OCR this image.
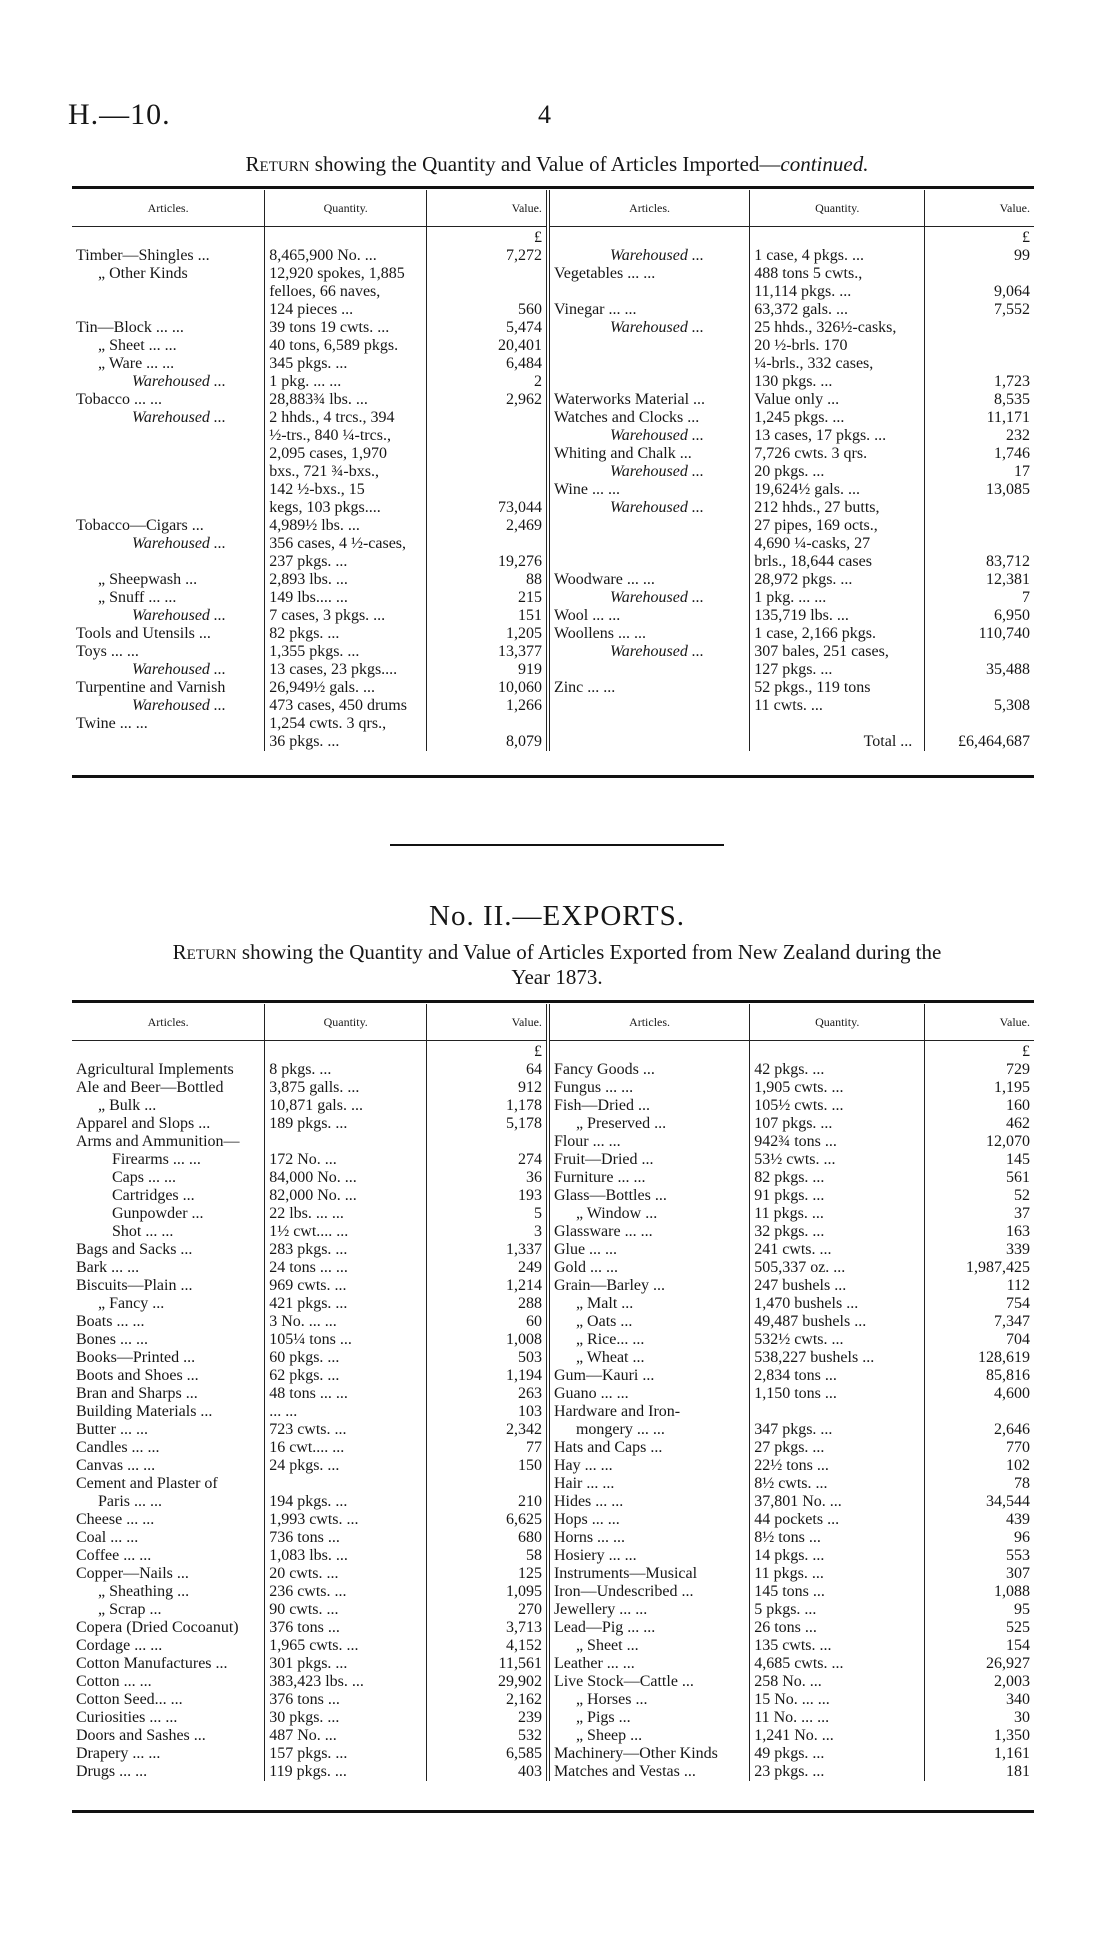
H.—10.	4
Return showing the Quantity and Value of Articles Imported—continued.
Articles.	Quantity.	Value.	Articles.	Quantity.	Value.
		£			£
Timber—Shingles ...	8,465,900 No. ...	7,272	Warehoused ...	1 case, 4 pkgs. ...	99
„ Other Kinds	12,920 spokes, 1,885		Vegetables ... ...	488 tons 5 cwts.,	
	felloes, 66 naves,			11,114 pkgs. ...	9,064
	124 pieces ...	560	Vinegar ... ...	63,372 gals. ...	7,552
Tin—Block ... ...	39 tons 19 cwts. ...	5,474	Warehoused ...	25 hhds., 326½-casks,	
„ Sheet ... ...	40 tons, 6,589 pkgs.	20,401		20 ½-brls. 170	
„ Ware ... ...	345 pkgs. ...	6,484		¼-brls., 332 cases,	
Warehoused ...	1 pkg. ... ...	2		130 pkgs. ...	1,723
Tobacco ... ...	28,883¾ lbs. ...	2,962	Waterworks Material ...	Value only ...	8,535
Warehoused ...	2 hhds., 4 trcs., 394		Watches and Clocks ...	1,245 pkgs. ...	11,171
	½-trs., 840 ¼-trcs.,		Warehoused ...	13 cases, 17 pkgs. ...	232
	2,095 cases, 1,970		Whiting and Chalk ...	7,726 cwts. 3 qrs.	1,746
	bxs., 721 ¾-bxs.,		Warehoused ...	20 pkgs. ...	17
	142 ½-bxs., 15		Wine ... ...	19,624½ gals. ...	13,085
	kegs, 103 pkgs....	73,044	Warehoused ...	212 hhds., 27 butts,	
Tobacco—Cigars ...	4,989½ lbs. ...	2,469		27 pipes, 169 octs.,	
Warehoused ...	356 cases, 4 ½-cases,			4,690 ¼-casks, 27	
	237 pkgs. ...	19,276		brls., 18,644 cases	83,712
„ Sheepwash ...	2,893 lbs. ...	88	Woodware ... ...	28,972 pkgs. ...	12,381
„ Snuff ... ...	149 lbs.... ...	215	Warehoused ...	1 pkg. ... ...	7
Warehoused ...	7 cases, 3 pkgs. ...	151	Wool ... ...	135,719 lbs. ...	6,950
Tools and Utensils ...	82 pkgs. ...	1,205	Woollens ... ...	1 case, 2,166 pkgs.	110,740
Toys ... ...	1,355 pkgs. ...	13,377	Warehoused ...	307 bales, 251 cases,	
Warehoused ...	13 cases, 23 pkgs....	919		127 pkgs. ...	35,488
Turpentine and Varnish	26,949½ gals. ...	10,060	Zinc ... ...	52 pkgs., 119 tons	
Warehoused ...	473 cases, 450 drums	1,266		11 cwts. ...	5,308
Twine ... ...	1,254 cwts. 3 qrs.,				
	36 pkgs. ...	8,079		Total ...	£6,464,687
No. II.—EXPORTS.
Return showing the Quantity and Value of Articles Exported from New Zealand during the
Year 1873.
Articles.	Quantity.	Value.	Articles.	Quantity.	Value.
		£			£
Agricultural Implements	8 pkgs. ...	64	Fancy Goods ...	42 pkgs. ...	729
Ale and Beer—Bottled	3,875 galls. ...	912	Fungus ... ...	1,905 cwts. ...	1,195
„ Bulk ...	10,871 gals. ...	1,178	Fish—Dried ...	105½ cwts. ...	160
Apparel and Slops ...	189 pkgs. ...	5,178	„ Preserved ...	107 pkgs. ...	462
Arms and Ammunition—			Flour ... ...	942¾ tons ...	12,070
Firearms ... ...	172 No. ...	274	Fruit—Dried ...	53½ cwts. ...	145
Caps ... ...	84,000 No. ...	36	Furniture ... ...	82 pkgs. ...	561
Cartridges ...	82,000 No. ...	193	Glass—Bottles ...	91 pkgs. ...	52
Gunpowder ...	22 lbs. ... ...	5	„ Window ...	11 pkgs. ...	37
Shot ... ...	1½ cwt.... ...	3	Glassware ... ...	32 pkgs. ...	163
Bags and Sacks ...	283 pkgs. ...	1,337	Glue ... ...	241 cwts. ...	339
Bark ... ...	24 tons ... ...	249	Gold ... ...	505,337 oz. ...	1,987,425
Biscuits—Plain ...	969 cwts. ...	1,214	Grain—Barley ...	247 bushels ...	112
„ Fancy ...	421 pkgs. ...	288	„ Malt ...	1,470 bushels ...	754
Boats ... ...	3 No. ... ...	60	„ Oats ...	49,487 bushels ...	7,347
Bones ... ...	105¼ tons ...	1,008	„ Rice... ...	532½ cwts. ...	704
Books—Printed ...	60 pkgs. ...	503	„ Wheat ...	538,227 bushels ...	128,619
Boots and Shoes ...	62 pkgs. ...	1,194	Gum—Kauri ...	2,834 tons ...	85,816
Bran and Sharps ...	48 tons ... ...	263	Guano ... ...	1,150 tons ...	4,600
Building Materials ...	... ...	103	Hardware and Iron-		
Butter ... ...	723 cwts. ...	2,342	mongery ... ...	347 pkgs. ...	2,646
Candles ... ...	16 cwt.... ...	77	Hats and Caps ...	27 pkgs. ...	770
Canvas ... ...	24 pkgs. ...	150	Hay ... ...	22½ tons ...	102
Cement and Plaster of			Hair ... ...	8½ cwts. ...	78
Paris ... ...	194 pkgs. ...	210	Hides ... ...	37,801 No. ...	34,544
Cheese ... ...	1,993 cwts. ...	6,625	Hops ... ...	44 pockets ...	439
Coal ... ...	736 tons ...	680	Horns ... ...	8½ tons ...	96
Coffee ... ...	1,083 lbs. ...	58	Hosiery ... ...	14 pkgs. ...	553
Copper—Nails ...	20 cwts. ...	125	Instruments—Musical	11 pkgs. ...	307
„ Sheathing ...	236 cwts. ...	1,095	Iron—Undescribed ...	145 tons ...	1,088
„ Scrap ...	90 cwts. ...	270	Jewellery ... ...	5 pkgs. ...	95
Copera (Dried Cocoanut)	376 tons ...	3,713	Lead—Pig ... ...	26 tons ...	525
Cordage ... ...	1,965 cwts. ...	4,152	„ Sheet ...	135 cwts. ...	154
Cotton Manufactures ...	301 pkgs. ...	11,561	Leather ... ...	4,685 cwts. ...	26,927
Cotton ... ...	383,423 lbs. ...	29,902	Live Stock—Cattle ...	258 No. ...	2,003
Cotton Seed... ...	376 tons ...	2,162	„ Horses ...	15 No. ... ...	340
Curiosities ... ...	30 pkgs. ...	239	„ Pigs ...	11 No. ... ...	30
Doors and Sashes ...	487 No. ...	532	„ Sheep ...	1,241 No. ...	1,350
Drapery ... ...	157 pkgs. ...	6,585	Machinery—Other Kinds	49 pkgs. ...	1,161
Drugs ... ...	119 pkgs. ...	403	Matches and Vestas ...	23 pkgs. ...	181
